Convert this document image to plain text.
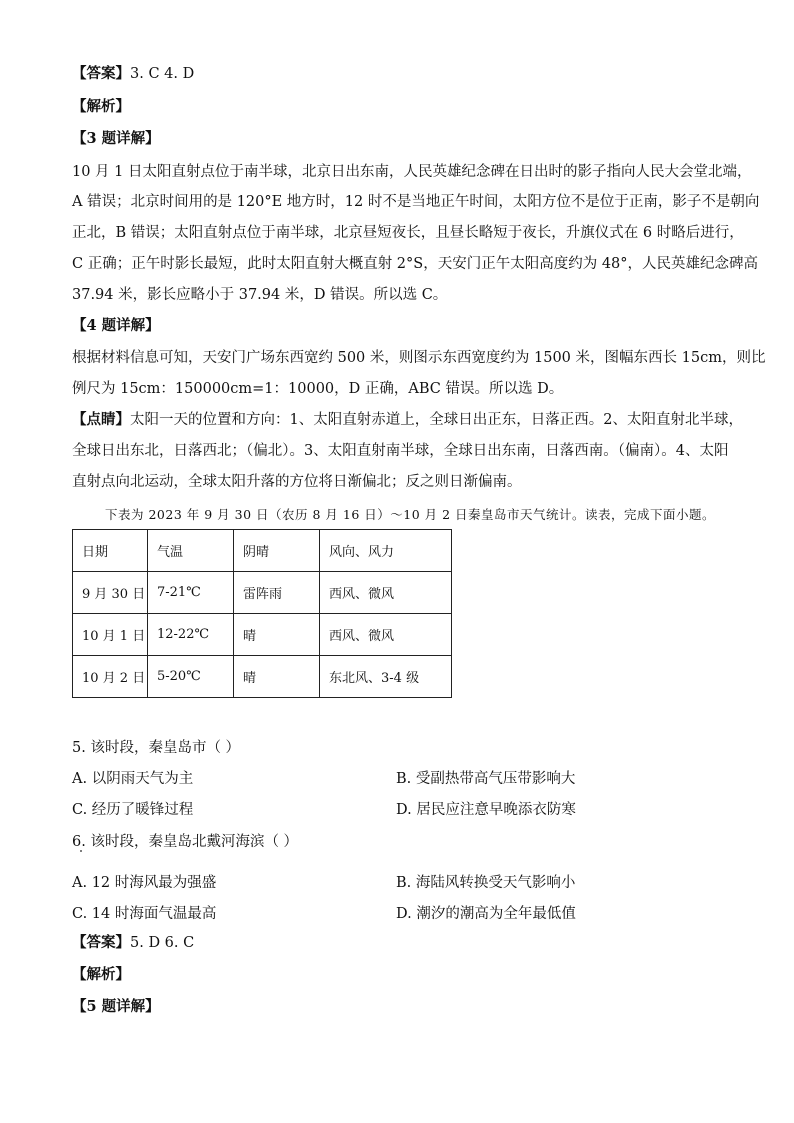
【答案】3. C 4. D
【解析】
【3 题详解】
10 月 1 日太阳直射点位于南半球，北京日出东南，人民英雄纪念碑在日出时的影子指向人民大会堂北端，
A 错误；北京时间用的是 120°E 地方时，12 时不是当地正午时间，太阳方位不是位于正南，影子不是朝向
正北，B 错误；太阳直射点位于南半球，北京昼短夜长，且昼长略短于夜长，升旗仪式在 6 时略后进行，
C 正确；正午时影长最短，此时太阳直射大概直射 2°S，天安门正午太阳高度约为 48°，人民英雄纪念碑高
37.94 米，影长应略小于 37.94 米，D 错误。所以选 C。
【4 题详解】
根据材料信息可知，天安门广场东西宽约 500 米，则图示东西宽度约为 1500 米，图幅东西长 15cm，则比
例尺为 15cm：150000cm=1：10000，D 正确，ABC 错误。所以选 D。
【点睛】太阳一天的位置和方向：1、太阳直射赤道上，全球日出正东，日落正西。2、太阳直射北半球，
全球日出东北，日落西北；（偏北）。3、太阳直射南半球，全球日出东南，日落西南。（偏南）。4、太阳
直射点向北运动，全球太阳升落的方位将日渐偏北；反之则日渐偏南。
下表为 2023 年 9 月 30 日（农历 8 月 16 日）～10 月 2 日秦皇岛市天气统计。读表，完成下面小题。
日期	气温	阴晴	风向、风力
9 月 30 日	7-21℃	雷阵雨	西风、微风
10 月 1 日	12-22℃	晴	西风、微风
10 月 2 日	5-20℃	晴	东北风、3-4 级
5. 该时段，秦皇岛市（ ）
A. 以阴雨天气为主	B. 受副热带高气压带影响大
C. 经历了暖锋过程	D. 居民应注意早晚添衣防寒
6. 该时段，秦皇岛北戴河海滨（ ）
A. 12 时海风最为强盛	B. 海陆风转换受天气影响小
C. 14 时海面气温最高	D. 潮汐的潮高为全年最低值
【答案】5. D 6. C
【解析】
【5 题详解】
